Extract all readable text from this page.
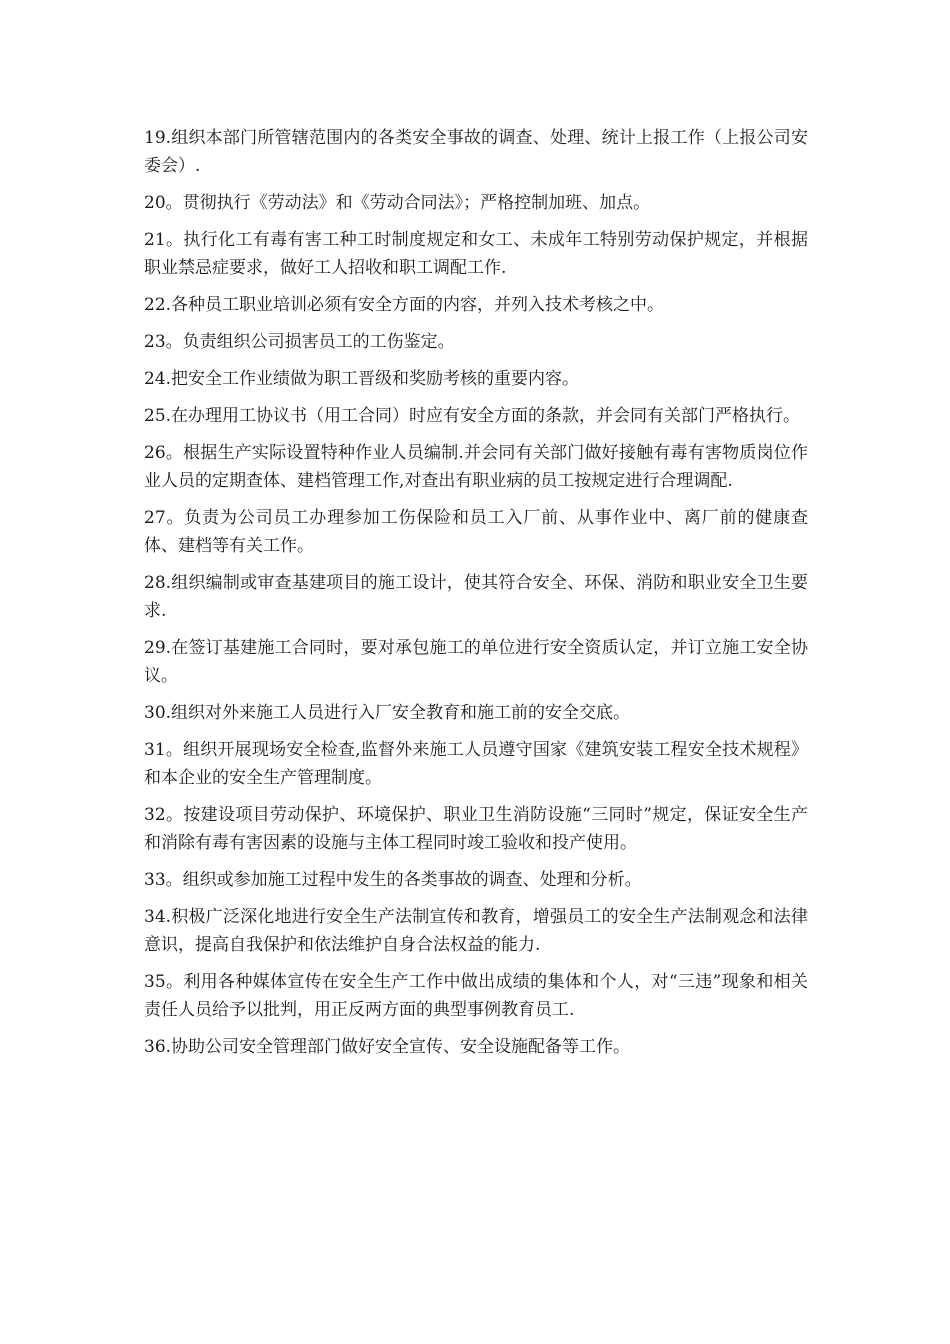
19.组织本部门所管辖范围内的各类安全事故的调查、处理、统计上报工作（上报公司安委会）.

20。贯彻执行《劳动法》和《劳动合同法》；严格控制加班、加点。

21。执行化工有毒有害工种工时制度规定和女工、未成年工特别劳动保护规定，并根据职业禁忌症要求，做好工人招收和职工调配工作.

22.各种员工职业培训必须有安全方面的内容，并列入技术考核之中。

23。负责组织公司损害员工的工伤鉴定。

24.把安全工作业绩做为职工晋级和奖励考核的重要内容。

25.在办理用工协议书（用工合同）时应有安全方面的条款，并会同有关部门严格执行。

26。根据生产实际设置特种作业人员编制.并会同有关部门做好接触有毒有害物质岗位作业人员的定期查体、建档管理工作,对查出有职业病的员工按规定进行合理调配.

27。负责为公司员工办理参加工伤保险和员工入厂前、从事作业中、离厂前的健康查体、建档等有关工作。

28.组织编制或审查基建项目的施工设计，使其符合安全、环保、消防和职业安全卫生要求.

29.在签订基建施工合同时，要对承包施工的单位进行安全资质认定，并订立施工安全协议。

30.组织对外来施工人员进行入厂安全教育和施工前的安全交底。

31。组织开展现场安全检查,监督外来施工人员遵守国家《建筑安装工程安全技术规程》和本企业的安全生产管理制度。

32。按建设项目劳动保护、环境保护、职业卫生消防设施“三同时”规定，保证安全生产和消除有毒有害因素的设施与主体工程同时竣工验收和投产使用。

33。组织或参加施工过程中发生的各类事故的调查、处理和分析。

34.积极广泛深化地进行安全生产法制宣传和教育，增强员工的安全生产法制观念和法律意识，提高自我保护和依法维护自身合法权益的能力.

35。利用各种媒体宣传在安全生产工作中做出成绩的集体和个人，对“三违”现象和相关责任人员给予以批判，用正反两方面的典型事例教育员工.

36.协助公司安全管理部门做好安全宣传、安全设施配备等工作。
